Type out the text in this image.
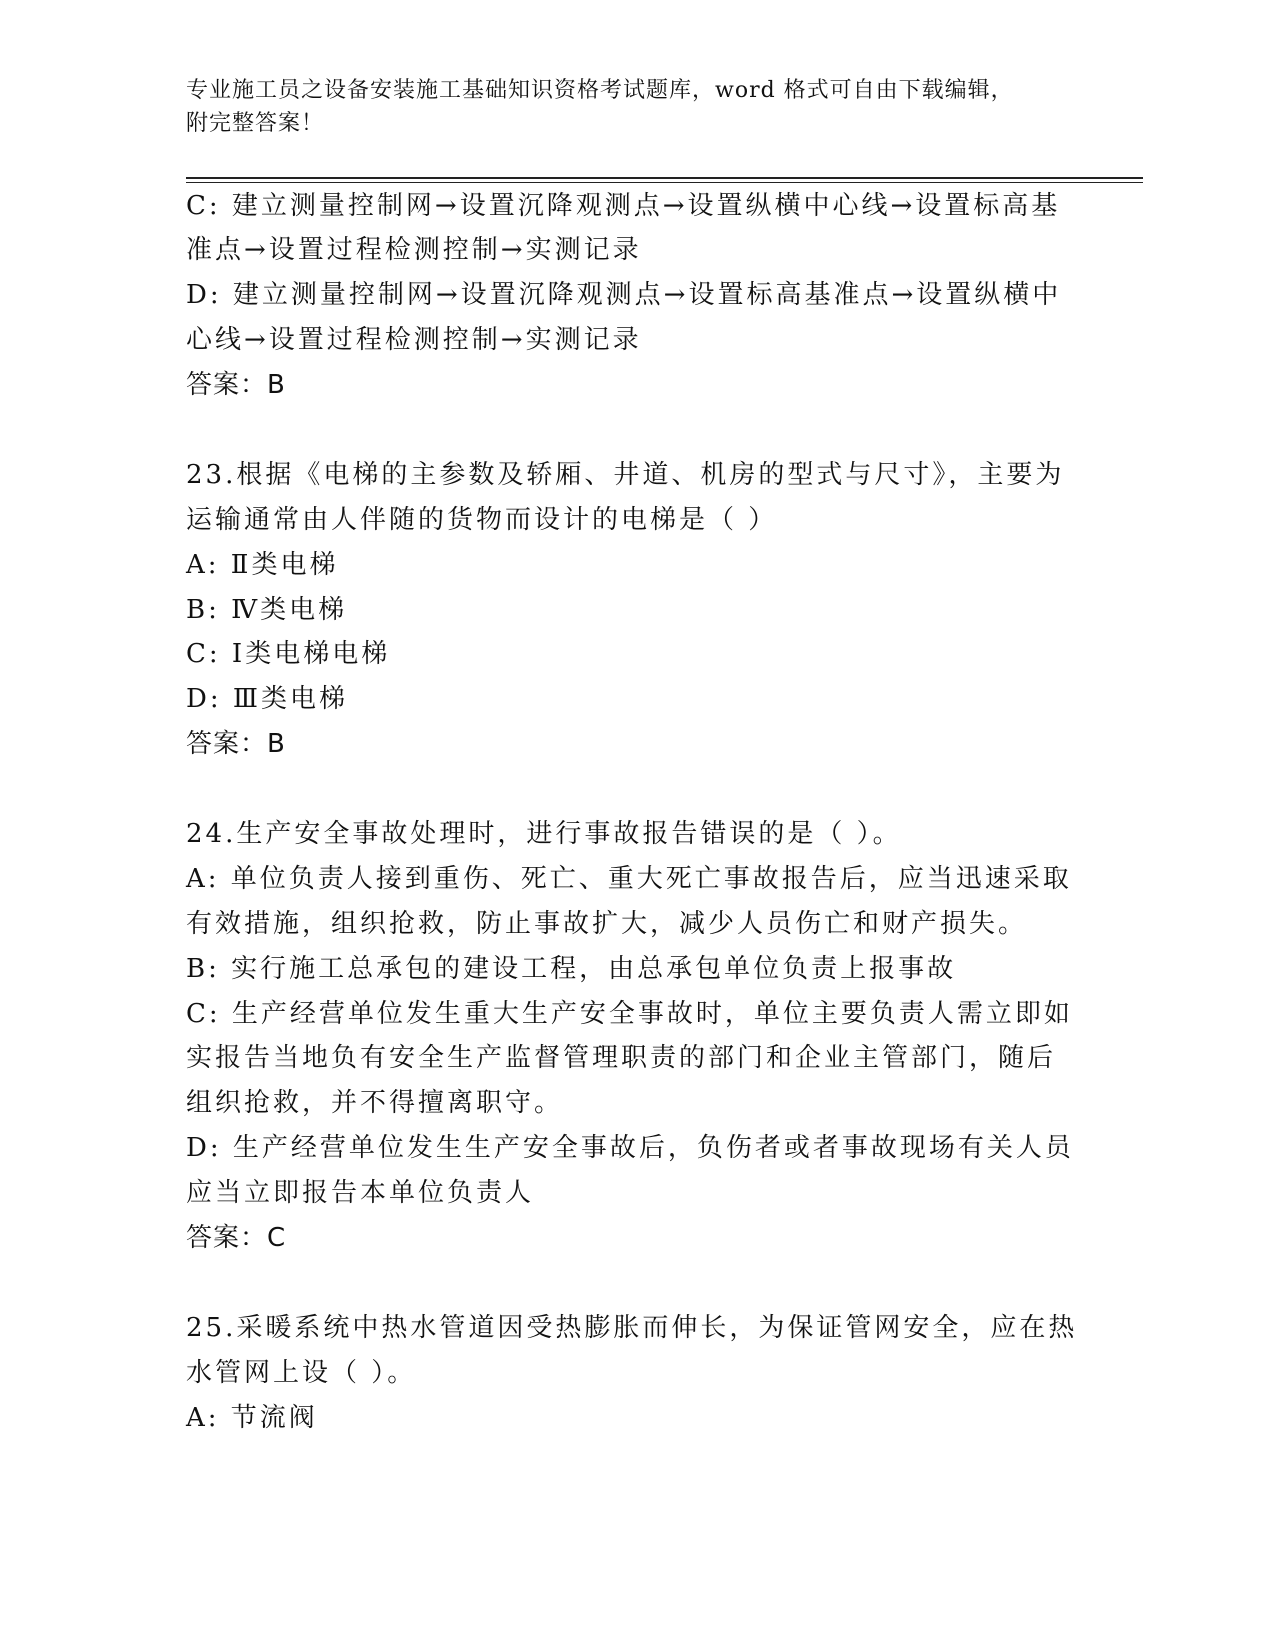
专业施工员之设备安装施工基础知识资格考试题库，word 格式可自由下载编辑，
附完整答案！
C: 建立测量控制网→设置沉降观测点→设置纵横中心线→设置标高基
准点→设置过程检测控制→实测记录
D: 建立测量控制网→设置沉降观测点→设置标高基准点→设置纵横中
心线→设置过程检测控制→实测记录
答案：B
23.根据《电梯的主参数及轿厢、井道、机房的型式与尺寸》，主要为
运输通常由人伴随的货物而设计的电梯是（ ）
A: Ⅱ类电梯
B: Ⅳ类电梯
C: Ⅰ类电梯电梯
D: Ⅲ类电梯
答案：B
24.生产安全事故处理时，进行事故报告错误的是（ ）。
A: 单位负责人接到重伤、死亡、重大死亡事故报告后，应当迅速采取
有效措施，组织抢救，防止事故扩大，减少人员伤亡和财产损失。
B: 实行施工总承包的建设工程，由总承包单位负责上报事故
C: 生产经营单位发生重大生产安全事故时，单位主要负责人需立即如
实报告当地负有安全生产监督管理职责的部门和企业主管部门，随后
组织抢救，并不得擅离职守。
D: 生产经营单位发生生产安全事故后，负伤者或者事故现场有关人员
应当立即报告本单位负责人
答案：C
25.采暖系统中热水管道因受热膨胀而伸长，为保证管网安全，应在热
水管网上设（ ）。
A: 节流阀
